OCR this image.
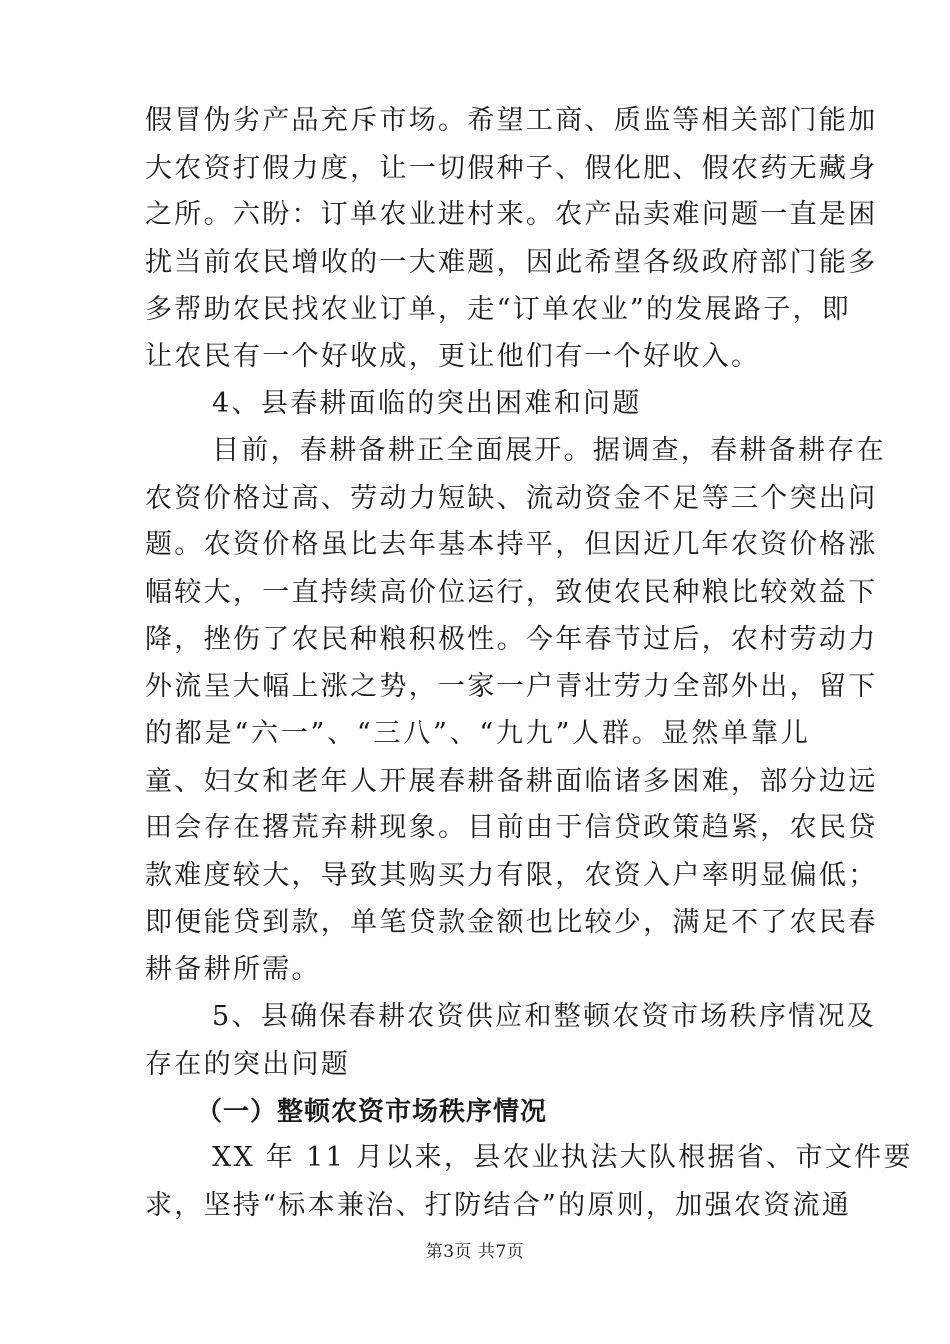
假冒伪劣产品充斥市场。希望工商、质监等相关部门能加
大农资打假力度，让一切假种子、假化肥、假农药无藏身
之所。六盼：订单农业进村来。农产品卖难问题一直是困
扰当前农民增收的一大难题，因此希望各级政府部门能多
多帮助农民找农业订单，走“订单农业”的发展路子，即
让农民有一个好收成，更让他们有一个好收入。
4、县春耕面临的突出困难和问题
目前，春耕备耕正全面展开。据调查，春耕备耕存在
农资价格过高、劳动力短缺、流动资金不足等三个突出问
题。农资价格虽比去年基本持平，但因近几年农资价格涨
幅较大，一直持续高价位运行，致使农民种粮比较效益下
降，挫伤了农民种粮积极性。今年春节过后，农村劳动力
外流呈大幅上涨之势，一家一户青壮劳力全部外出，留下
的都是“六一”、“三八”、“九九”人群。显然单靠儿
童、妇女和老年人开展春耕备耕面临诸多困难，部分边远
田会存在撂荒弃耕现象。目前由于信贷政策趋紧，农民贷
款难度较大，导致其购买力有限，农资入户率明显偏低；
即便能贷到款，单笔贷款金额也比较少，满足不了农民春
耕备耕所需。
5、县确保春耕农资供应和整顿农资市场秩序情况及
存在的突出问题
（一）整顿农资市场秩序情况
XX 年 11 月以来，县农业执法大队根据省、市文件要
求，坚持“标本兼治、打防结合”的原则，加强农资流通
第3页 共7页
